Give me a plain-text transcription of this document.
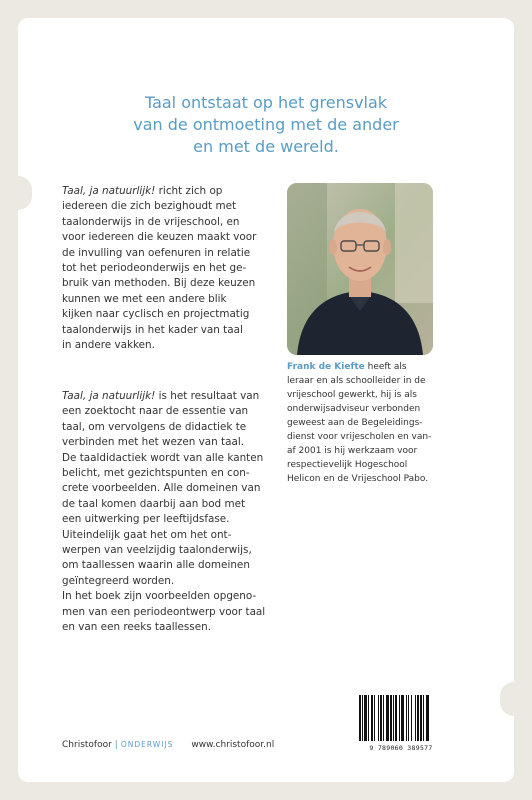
Taal ontstaat op het grensvlak
van de ontmoeting met de ander
en met de wereld.
Taal, ja natuurlijk! richt zich op
iedereen die zich bezighoudt met
taalonderwijs in de vrijeschool, en
voor iedereen die keuzen maakt voor
de invulling van oefenuren in relatie
tot het periodeonderwijs en het ge-
bruik van methoden. Bij deze keuzen
kunnen we met een andere blik
kijken naar cyclisch en projectmatig
taalonderwijs in het kader van taal
in andere vakken.
Taal, ja natuurlijk! is het resultaat van
een zoektocht naar de essentie van
taal, om vervolgens de didactiek te
verbinden met het wezen van taal.
De taaldidactiek wordt van alle kanten
belicht, met gezichtspunten en con-
crete voorbeelden. Alle domeinen van
de taal komen daarbij aan bod met
een uitwerking per leeftijdsfase.
Uiteindelijk gaat het om het ont-
werpen van veelzijdig taalonderwijs,
om taallessen waarin alle domeinen
geïntegreerd worden.
In het boek zijn voorbeelden opgeno-
men van een periodeontwerp voor taal
en van een reeks taallessen.
Frank de Kiefte heeft als
leraar en als schoolleider in de
vrijeschool gewerkt, hij is als
onderwijsadviseur verbonden
geweest aan de Begeleidings-
dienst voor vrijescholen en van-
af 2001 is hij werkzaam voor
respectievelijk Hogeschool
Helicon en de Vrijeschool Pabo.
9 789060 389577
Christofoor | ONDERWIJS www.christofoor.nl
